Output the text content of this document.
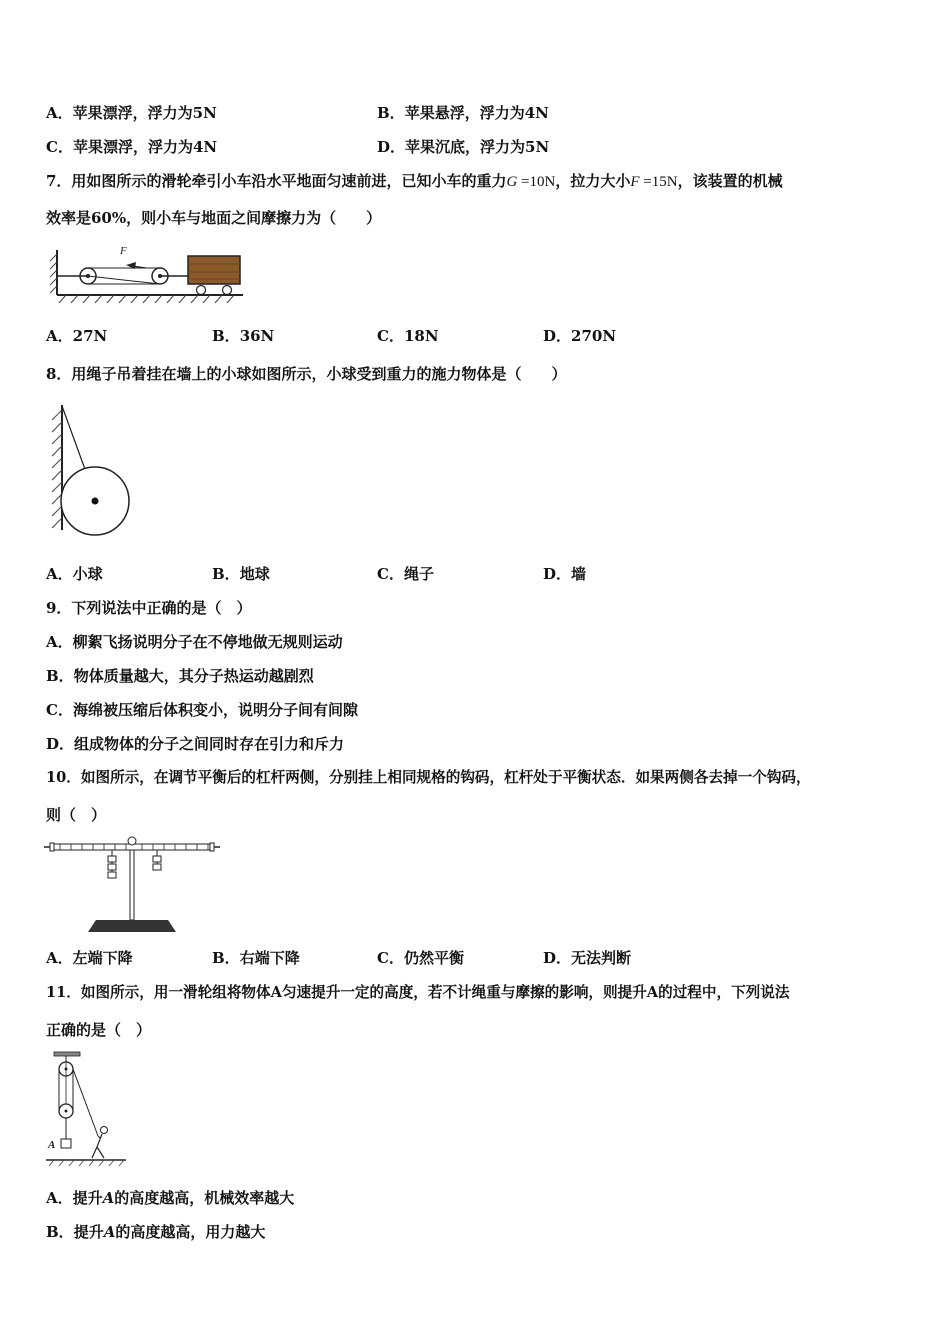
A．苹果漂浮，浮力为5N	B．苹果悬浮，浮力为4N
C．苹果漂浮，浮力为4N	D．苹果沉底，浮力为5N
7．用如图所示的滑轮牵引小车沿水平地面匀速前进，已知小车的重力G =10N，拉力大小F =15N，该装置的机械
效率是60%，则小车与地面之间摩擦力为（　　）
F
A．27N	B．36N	C．18N	D．270N
8．用绳子吊着挂在墙上的小球如图所示，小球受到重力的施力物体是（　　）
A．小球	B．地球	C．绳子	D．墙
9．下列说法中正确的是（　）
A．柳絮飞扬说明分子在不停地做无规则运动
B．物体质量越大，其分子热运动越剧烈
C．海绵被压缩后体积变小，说明分子间有间隙
D．组成物体的分子之间同时存在引力和斥力
10．如图所示，在调节平衡后的杠杆两侧，分别挂上相同规格的钩码，杠杆处于平衡状态．如果两侧各去掉一个钩码，
则（　）
A．左端下降	B．右端下降	C．仍然平衡	D．无法判断
11．如图所示，用一滑轮组将物体A匀速提升一定的高度，若不计绳重与摩擦的影响，则提升A的过程中，下列说法
正确的是（　）
A
A．提升A的高度越高，机械效率越大
B．提升A的高度越高，用力越大
